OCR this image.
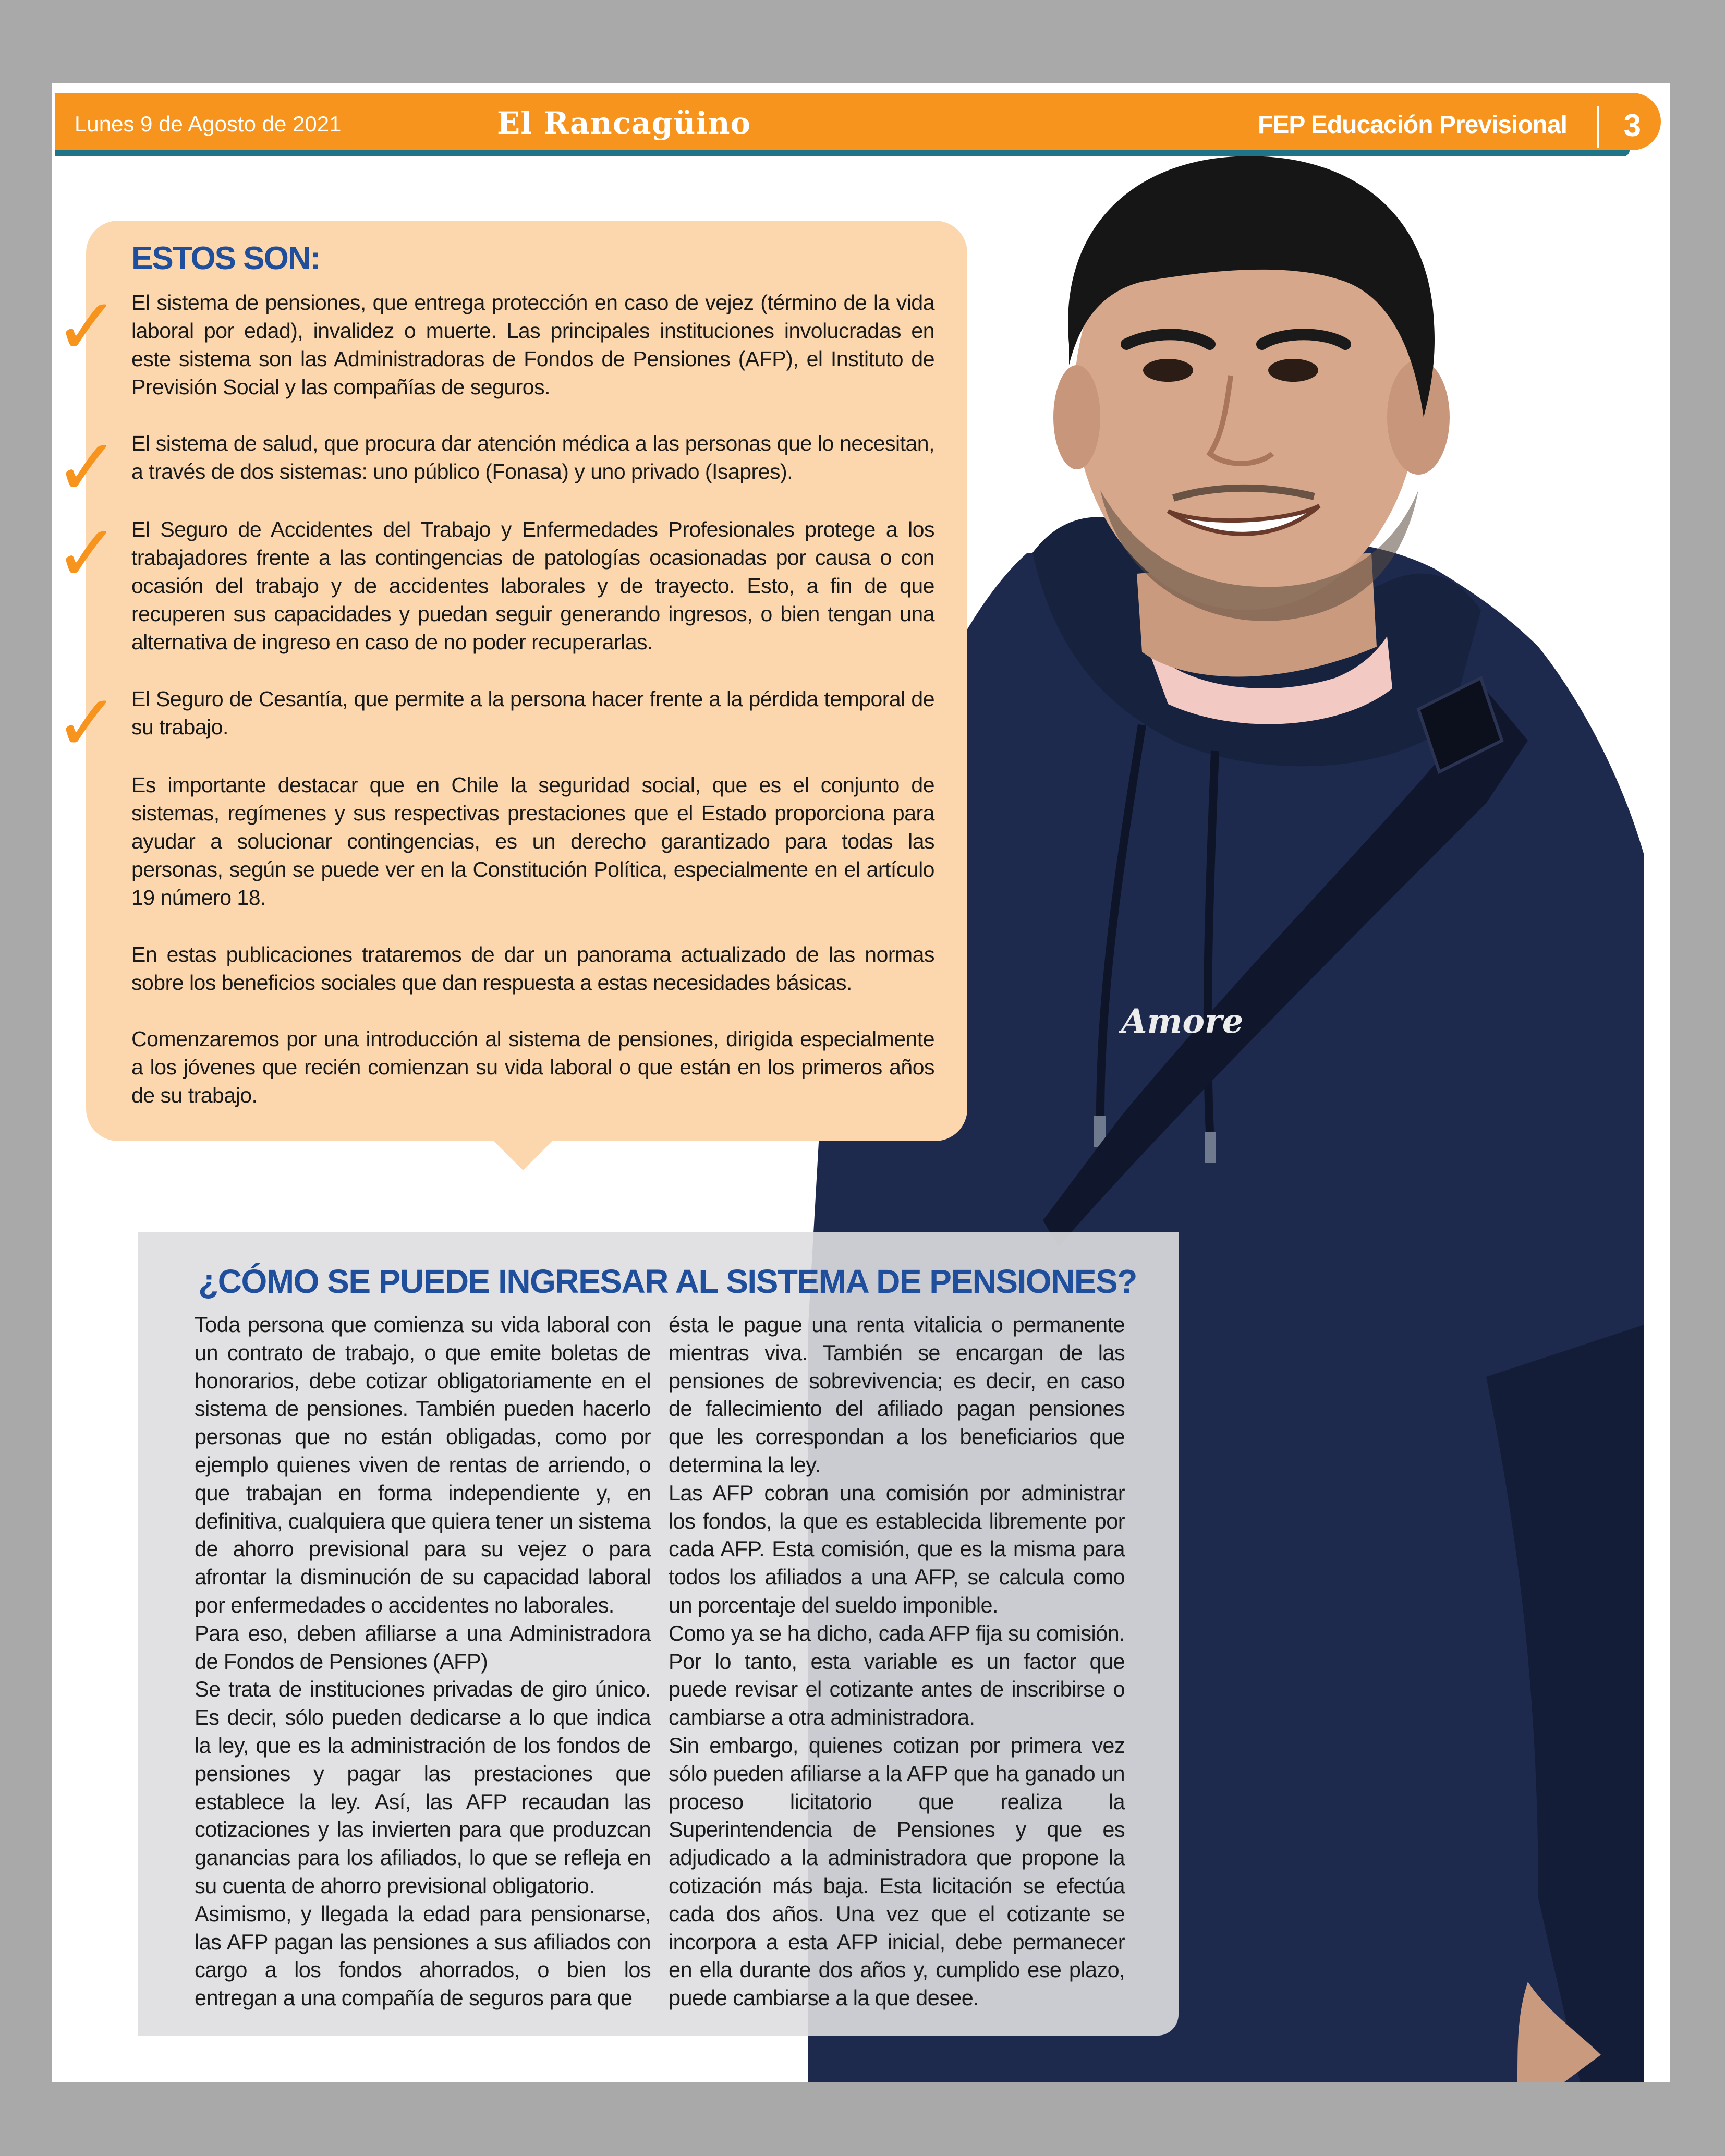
Lunes 9 de Agosto de 2021	El Rancagüino	FEP Educación Previsional 3
Amore
ESTOS SON:
✓
✓
✓
✓

El sistema de pensiones, que entrega protección en caso de vejez (término de la vida laboral por edad), invalidez o muerte. Las principales instituciones involucradas en este sistema son las Administradoras de Fondos de Pensiones (AFP), el Instituto de Previsión Social y las compañías de seguros.

El sistema de salud, que procura dar atención médica a las personas que lo necesitan, a través de dos sistemas: uno público (Fonasa) y uno privado (Isapres).

El Seguro de Accidentes del Trabajo y Enfermedades Profesionales protege a los trabajadores frente a las contingencias de patologías ocasionadas por causa o con ocasión del trabajo y de accidentes laborales y de trayecto. Esto, a fin de que recuperen sus capacidades y puedan seguir generando ingresos, o bien tengan una alternativa de ingreso en caso de no poder recuperarlas.

El Seguro de Cesantía, que permite a la persona hacer frente a la pérdida temporal de su trabajo.

Es importante destacar que en Chile la seguridad social, que es el conjunto de sistemas, regímenes y sus respectivas prestaciones que el Estado proporciona para ayudar a solucionar contingencias, es un derecho garantizado para todas las personas, según se puede ver en la Constitución Política, especialmente en el artículo 19 número 18.

En estas publicaciones trataremos de dar un panorama actualizado de las normas sobre los beneficios sociales que dan respuesta a estas necesidades básicas.

Comenzaremos por una introducción al sistema de pensiones, dirigida especialmente a los jóvenes que recién comienzan su vida laboral o que están en los primeros años de su trabajo.

¿CÓMO SE PUEDE INGRESAR AL SISTEMA DE PENSIONES?

Toda persona que comienza su vida laboral con un contrato de trabajo, o que emite boletas de honorarios, debe cotizar obligatoriamente en el sistema de pensiones. También pueden hacerlo personas que no están obligadas, como por ejemplo quienes viven de rentas de arriendo, o que trabajan en forma independiente y, en definitiva, cualquiera que quiera tener un sistema de ahorro previsional para su vejez o para afrontar la disminución de su capacidad laboral por enfermedades o accidentes no laborales.

Para eso, deben afiliarse a una Administradora de Fondos de Pensiones (AFP)

Se trata de instituciones privadas de giro único. Es decir, sólo pueden dedicarse a lo que indica la ley, que es la administración de los fondos de pensiones y pagar las prestaciones que establece la ley. Así, las AFP recaudan las cotizaciones y las invierten para que produzcan ganancias para los afiliados, lo que se refleja en su cuenta de ahorro previsional obligatorio.

Asimismo, y llegada la edad para pensionarse, las AFP pagan las pensiones a sus afiliados con cargo a los fondos ahorrados, o bien los entregan a una compañía de seguros para que

ésta le pague una renta vitalicia o permanente mientras viva. También se encargan de las pensiones de sobrevivencia; es decir, en caso de fallecimiento del afiliado pagan pensiones que les correspondan a los beneficiarios que determina la ley.

Las AFP cobran una comisión por administrar los fondos, la que es establecida libremente por cada AFP. Esta comisión, que es la misma para todos los afiliados a una AFP, se calcula como un porcentaje del sueldo imponible.

Como ya se ha dicho, cada AFP fija su comisión. Por lo tanto, esta variable es un factor que puede revisar el cotizante antes de inscribirse o cambiarse a otra administradora.

Sin embargo, quienes cotizan por primera vez sólo pueden afiliarse a la AFP que ha ganado un proceso licitatorio que realiza la Superintendencia de Pensiones y que es adjudicado a la administradora que propone la cotización más baja. Esta licitación se efectúa cada dos años. Una vez que el cotizante se incorpora a esta AFP inicial, debe permanecer en ella durante dos años y, cumplido ese plazo, puede cambiarse a la que desee.
